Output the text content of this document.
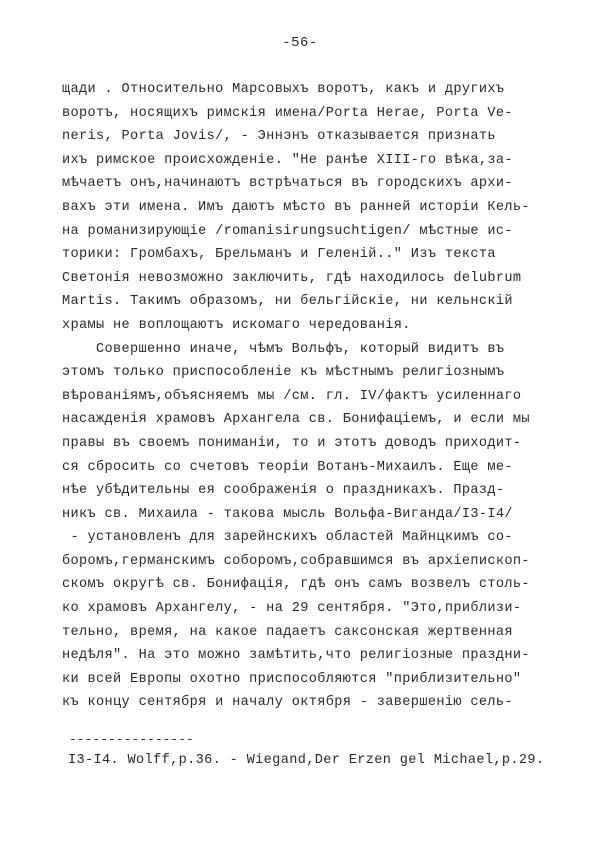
-56-
щади . Относительно Марсовыхъ воротъ, какъ и другихъ
воротъ, носящихъ римскія имена/Porta Herae, Porta Ve-
neris, Porta Jovis/, - Эннэнъ отказывается признать
ихъ римское происхожденіе. "Не ранѣе XIII-го вѣка,за-
мѣчаетъ онъ,начинаютъ встрѣчаться въ городскихъ архи-
вахъ эти имена. Имъ даютъ мѣсто въ ранней исторіи Кель-
на романизирующіе /romanisirungsuchtigen/ мѣстные ис-
торики: Громбахъ, Брельманъ и Геленій.." Изъ текста
Светонія невозможно заключить, гдѣ находилось delubrum
Martis. Такимъ образомъ, ни бельгійскіе, ни кельнскій
храмы не воплощаютъ искомаго чередованія.
Совершенно иначе, чѣмъ Вольфъ, который видитъ въ
этомъ только приспособленіе къ мѣстнымъ религіознымъ
вѣрованіямъ,объясняемъ мы /см. гл. IV/фактъ усиленнаго
насажденія храмовъ Архангела св. Бонифаціемъ, и если мы
правы въ своемъ пониманіи, то и этотъ доводъ приходит-
ся сбросить со счетовъ теоріи Вотанъ-Михаилъ. Еще ме-
нѣе убѣдительны ея соображенія о праздникахъ. Празд-
никъ св. Михаила - такова мысль Вольфа-Виганда/I3-I4/
- установленъ для зарейнскихъ областей Майнцкимъ со-
боромъ,германскимъ соборомъ,собравшимся въ архіепископ-
скомъ округѣ св. Бонифація, гдѣ онъ самъ возвелъ столь-
ко храмовъ Архангелу, - на 29 сентября. "Это,приблизи-
тельно, время, на какое падаетъ саксонская жертвенная
недѣля". На это можно замѣтить,что религіозные праздни-
ки всей Европы охотно приспособляются "приблизительно"
къ концу сентября и началу октября - завершенію сель-
----------------
I3-I4. Wolff,p.36. - Wiegand,Der Erzen gel Michael,p.29.
